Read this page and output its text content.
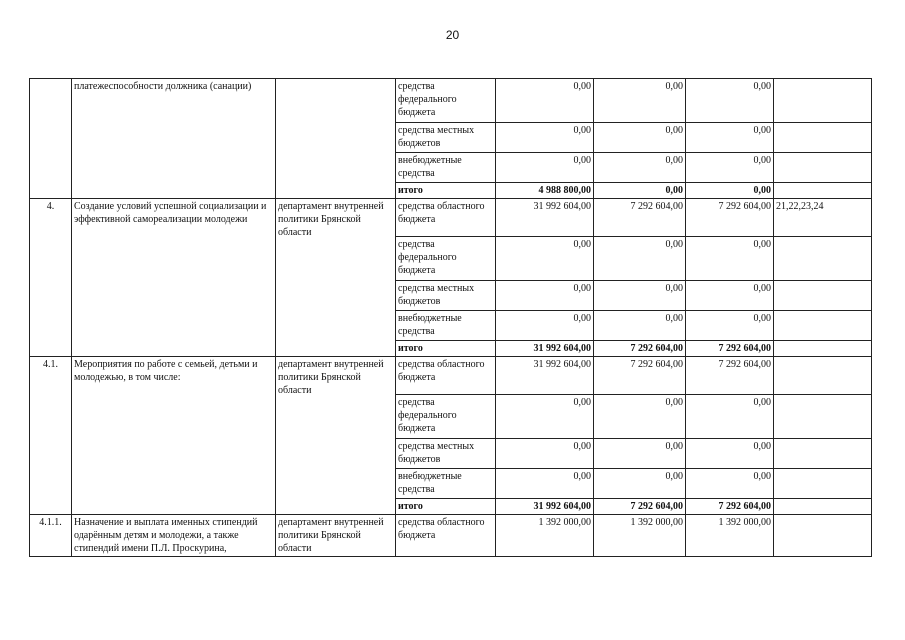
20
	платежеспособности должника (санации)		средства федерального бюджета	0,00	0,00	0,00	
			средства местных бюджетов	0,00	0,00	0,00	
			внебюджетные средства	0,00	0,00	0,00	
			итого	4 988 800,00	0,00	0,00	
4.	Создание условий успешной социализации и эффективной самореализации молодежи	департамент внутренней политики Брянской области	средства областного бюджета	31 992 604,00	7 292 604,00	7 292 604,00	21,22,23,24
			средства федерального бюджета	0,00	0,00	0,00	
			средства местных бюджетов	0,00	0,00	0,00	
			внебюджетные средства	0,00	0,00	0,00	
			итого	31 992 604,00	7 292 604,00	7 292 604,00	
4.1.	Мероприятия по работе с семьей, детьми и молодежью, в том числе:	департамент внутренней политики Брянской области	средства областного бюджета	31 992 604,00	7 292 604,00	7 292 604,00	
			средства федерального бюджета	0,00	0,00	0,00	
			средства местных бюджетов	0,00	0,00	0,00	
			внебюджетные средства	0,00	0,00	0,00	
			итого	31 992 604,00	7 292 604,00	7 292 604,00	
4.1.1.	Назначение и выплата именных стипендий одарённым детям и молодежи, а также стипендий имени П.Л. Проскурина,	департамент внутренней политики Брянской области	средства областного бюджета	1 392 000,00	1 392 000,00	1 392 000,00	
